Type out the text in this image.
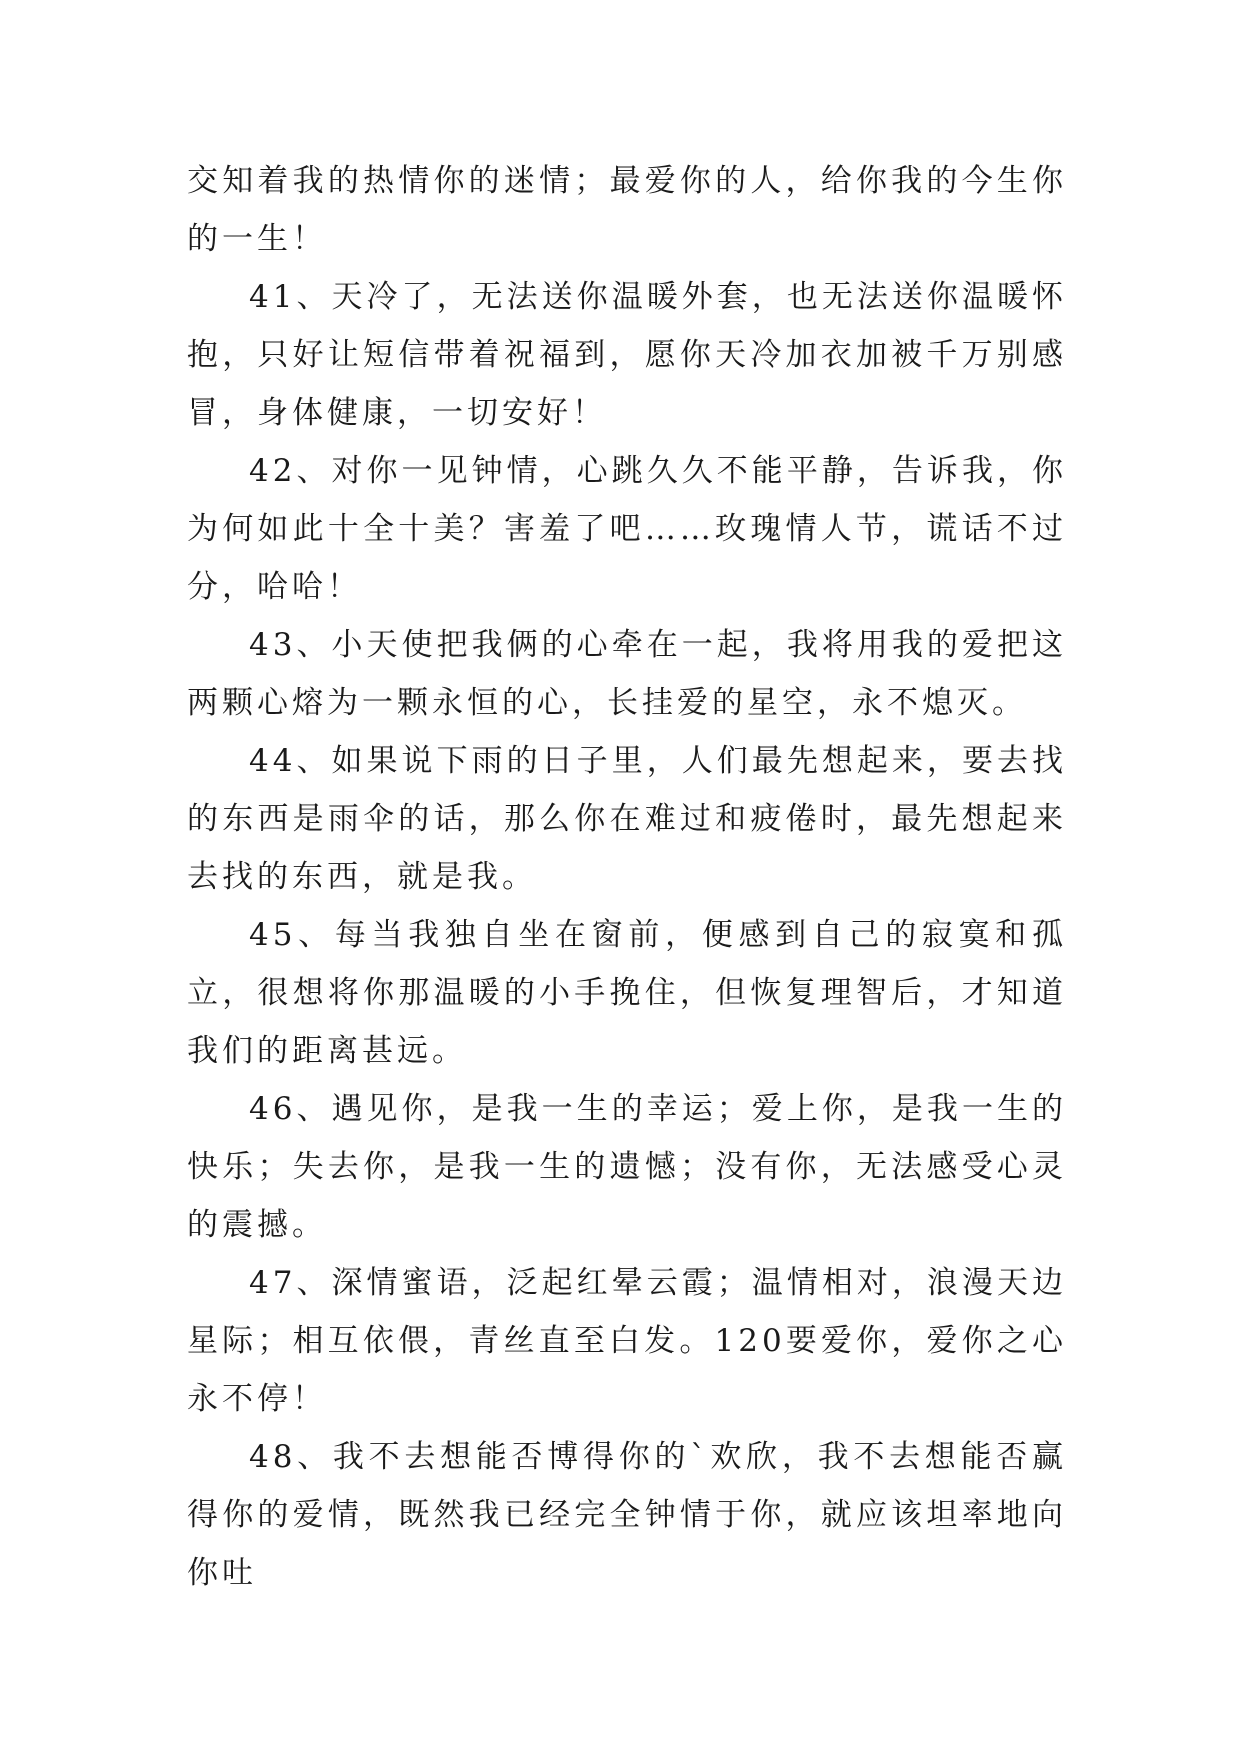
交知着我的热情你的迷情；最爱你的人，给你我的今生你的一生！

41、天冷了，无法送你温暖外套，也无法送你温暖怀抱，只好让短信带着祝福到，愿你天冷加衣加被千万别感冒，身体健康，一切安好！

42、对你一见钟情，心跳久久不能平静，告诉我，你为何如此十全十美？害羞了吧……玫瑰情人节，谎话不过分，哈哈！

43、小天使把我俩的心牵在一起，我将用我的爱把这两颗心熔为一颗永恒的心，长挂爱的星空，永不熄灭。

44、如果说下雨的日子里，人们最先想起来，要去找的东西是雨伞的话，那么你在难过和疲倦时，最先想起来去找的东西，就是我。

45、每当我独自坐在窗前，便感到自己的寂寞和孤立，很想将你那温暖的小手挽住，但恢复理智后，才知道我们的距离甚远。

46、遇见你，是我一生的幸运；爱上你，是我一生的快乐；失去你，是我一生的遗憾；没有你，无法感受心灵的震撼。

47、深情蜜语，泛起红晕云霞；温情相对，浪漫天边星际；相互依偎，青丝直至白发。120要爱你，爱你之心永不停！

48、我不去想能否博得你的`欢欣，我不去想能否赢得你的爱情，既然我已经完全钟情于你，就应该坦率地向你吐
